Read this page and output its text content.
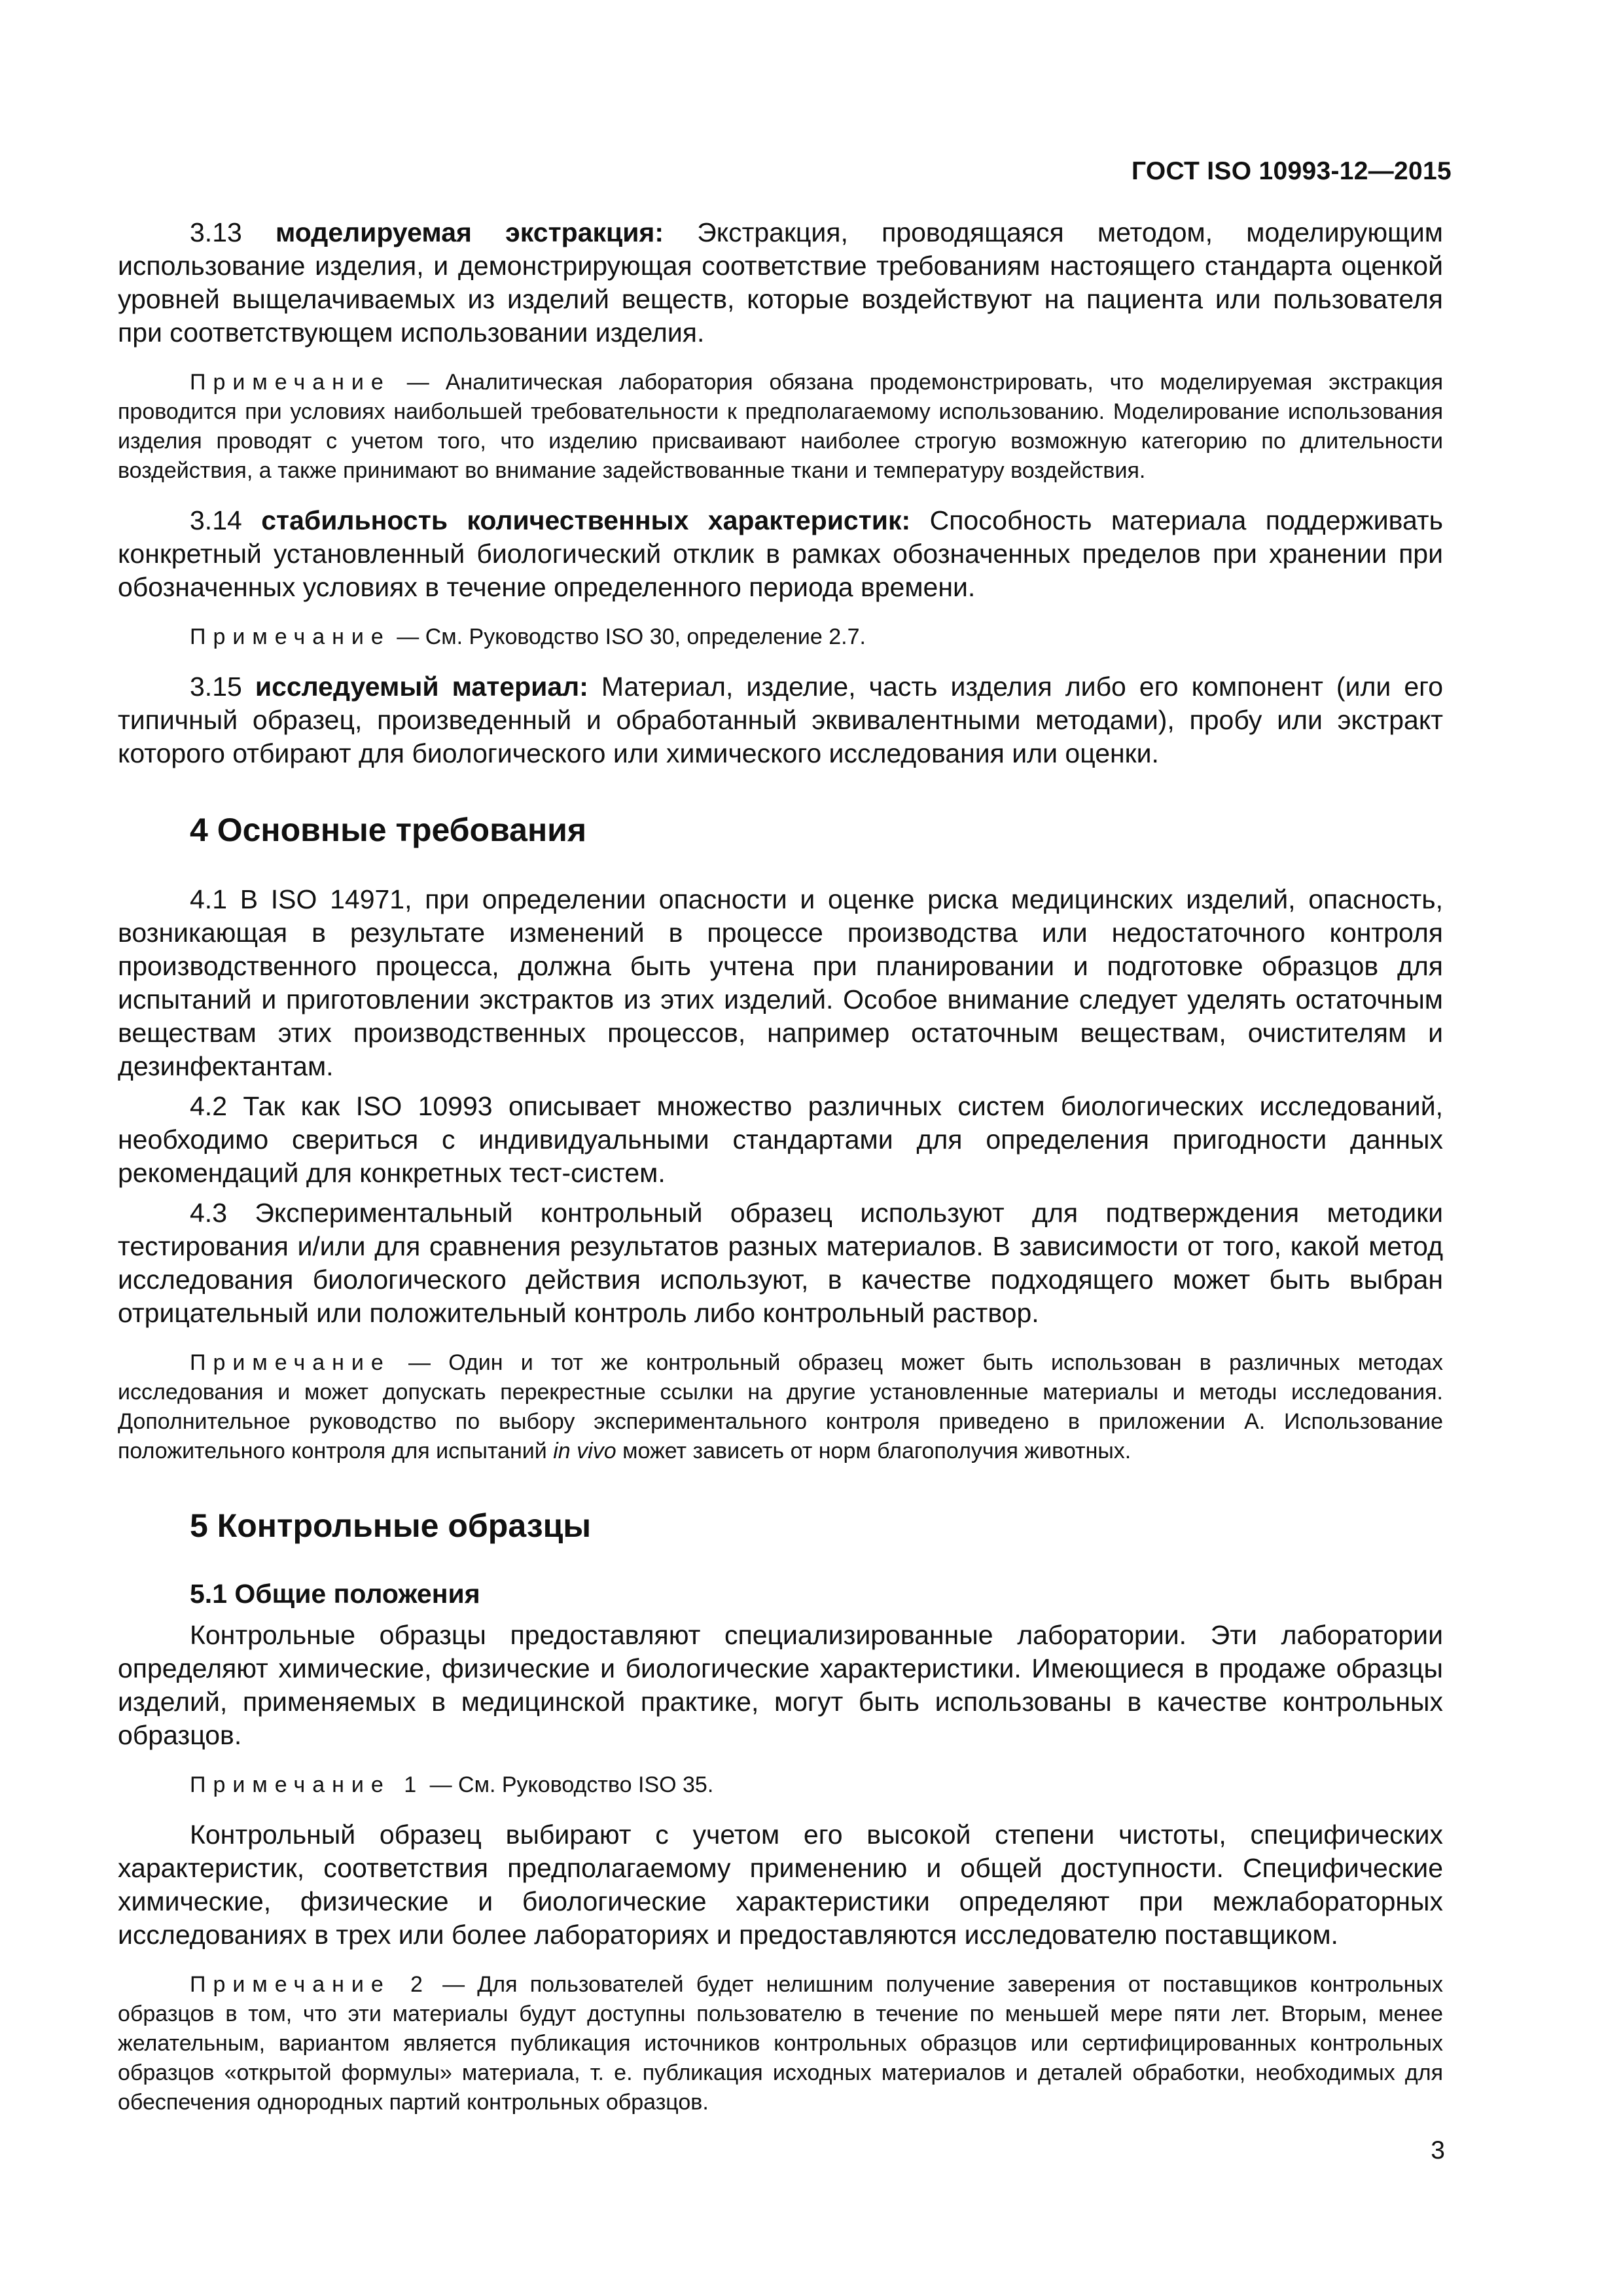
ГОСТ ISO 10993-12—2015

3.13 моделируемая экстракция: Экстракция, проводящаяся методом, моделирующим использование изделия, и демонстрирующая соответствие требованиям настоящего стандарта оценкой уровней выщелачиваемых из изделий веществ, которые воздействуют на пациента или пользователя при соответствующем использовании изделия.

Примечание — Аналитическая лаборатория обязана продемонстрировать, что моделируемая экстракция проводится при условиях наибольшей требовательности к предполагаемому использованию. Моделирование использования изделия проводят с учетом того, что изделию присваивают наиболее строгую возможную категорию по длительности воздействия, а также принимают во внимание задействованные ткани и температуру воздействия.

3.14 стабильность количественных характеристик: Способность материала поддерживать конкретный установленный биологический отклик в рамках обозначенных пределов при хранении при обозначенных условиях в течение определенного периода времени.

Примечание — См. Руководство ISO 30, определение 2.7.

3.15 исследуемый материал: Материал, изделие, часть изделия либо его компонент (или его типичный образец, произведенный и обработанный эквивалентными методами), пробу или экстракт которого отбирают для биологического или химического исследования или оценки.

4 Основные требования

4.1 В ISO 14971, при определении опасности и оценке риска медицинских изделий, опасность, возникающая в результате изменений в процессе производства или недостаточного контроля производственного процесса, должна быть учтена при планировании и подготовке образцов для испытаний и приготовлении экстрактов из этих изделий. Особое внимание следует уделять остаточным веществам этих производственных процессов, например остаточным веществам, очистителям и дезинфектантам.

4.2 Так как ISO 10993 описывает множество различных систем биологических исследований, необходимо свериться с индивидуальными стандартами для определения пригодности данных рекомендаций для конкретных тест-систем.

4.3 Экспериментальный контрольный образец используют для подтверждения методики тестирования и/или для сравнения результатов разных материалов. В зависимости от того, какой метод исследования биологического действия используют, в качестве подходящего может быть выбран отрицательный или положительный контроль либо контрольный раствор.

Примечание — Один и тот же контрольный образец может быть использован в различных методах исследования и может допускать перекрестные ссылки на другие установленные материалы и методы исследования. Дополнительное руководство по выбору экспериментального контроля приведено в приложении А. Использование положительного контроля для испытаний in vivo может зависеть от норм благополучия животных.

5 Контрольные образцы
5.1 Общие положения

Контрольные образцы предоставляют специализированные лаборатории. Эти лаборатории определяют химические, физические и биологические характеристики. Имеющиеся в продаже образцы изделий, применяемых в медицинской практике, могут быть использованы в качестве контрольных образцов.

Примечание 1 — См. Руководство ISO 35.

Контрольный образец выбирают с учетом его высокой степени чистоты, специфических характеристик, соответствия предполагаемому применению и общей доступности. Специфические химические, физические и биологические характеристики определяют при межлабораторных исследованиях в трех или более лабораториях и предоставляются исследователю поставщиком.

Примечание 2 — Для пользователей будет нелишним получение заверения от поставщиков контрольных образцов в том, что эти материалы будут доступны пользователю в течение по меньшей мере пяти лет. Вторым, менее желательным, вариантом является публикация источников контрольных образцов или сертифицированных контрольных образцов «открытой формулы» материала, т. е. публикация исходных материалов и деталей обработки, необходимых для обеспечения однородных партий контрольных образцов.

3
